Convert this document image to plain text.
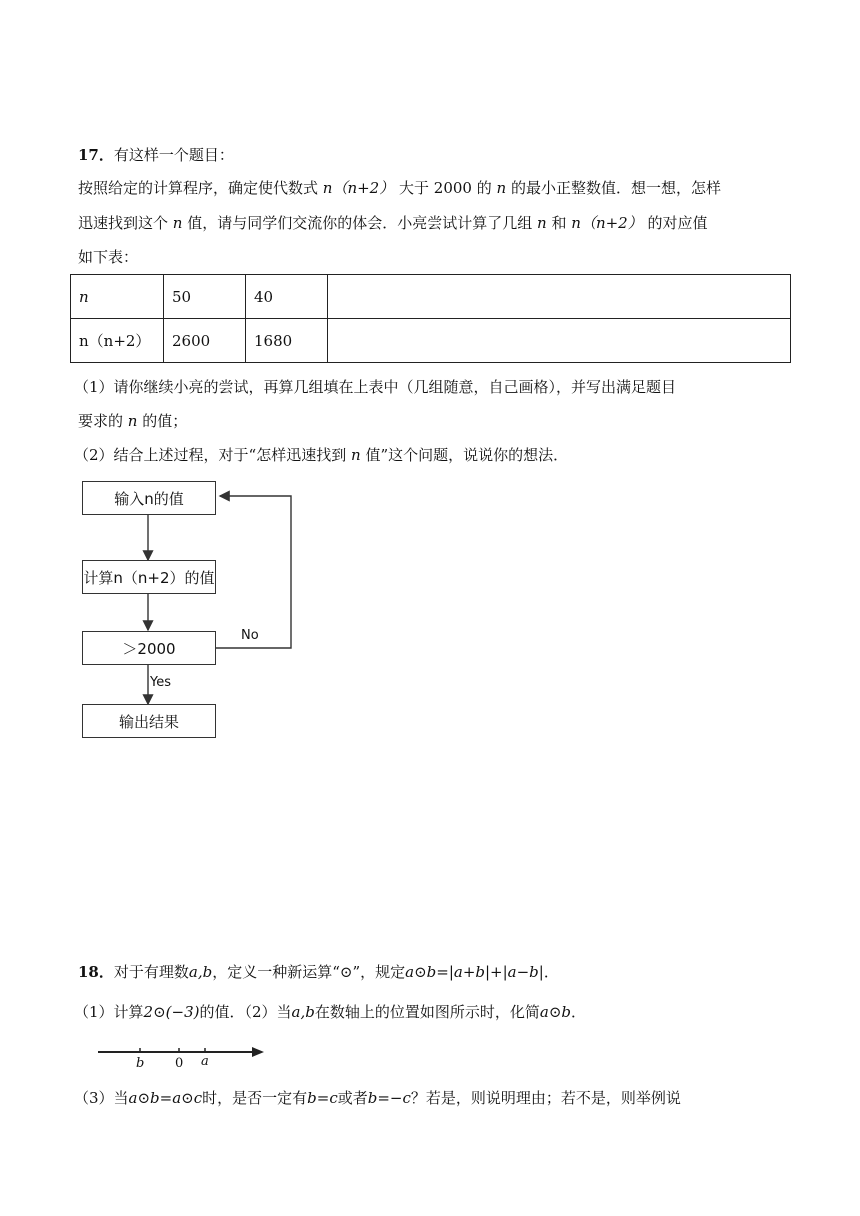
17．有这样一个题目：
按照给定的计算程序，确定使代数式 n（n+2） 大于 2000 的 n 的最小正整数值．想一想，怎样
迅速找到这个 n 值，请与同学们交流你的体会．小亮尝试计算了几组 n 和 n（n+2） 的对应值
如下表：
n	50	40	
n（n+2）	2600	1680	
（1）请你继续小亮的尝试，再算几组填在上表中（几组随意，自己画格），并写出满足题目
要求的 n 的值；
（2）结合上述过程，对于“怎样迅速找到 n 值”这个问题，说说你的想法．
输入n的值
计算n（n+2）的值
＞2000
输出结果
No
Yes
18．对于有理数a,b，定义一种新运算“⊙”，规定a⊙b=|a+b|+|a−b|．
（1）计算2⊙(−3)的值．（2）当a,b在数轴上的位置如图所示时，化简a⊙b．
b 0 a
（3）当a⊙b=a⊙c时，是否一定有b=c或者b=−c？若是，则说明理由；若不是，则举例说
